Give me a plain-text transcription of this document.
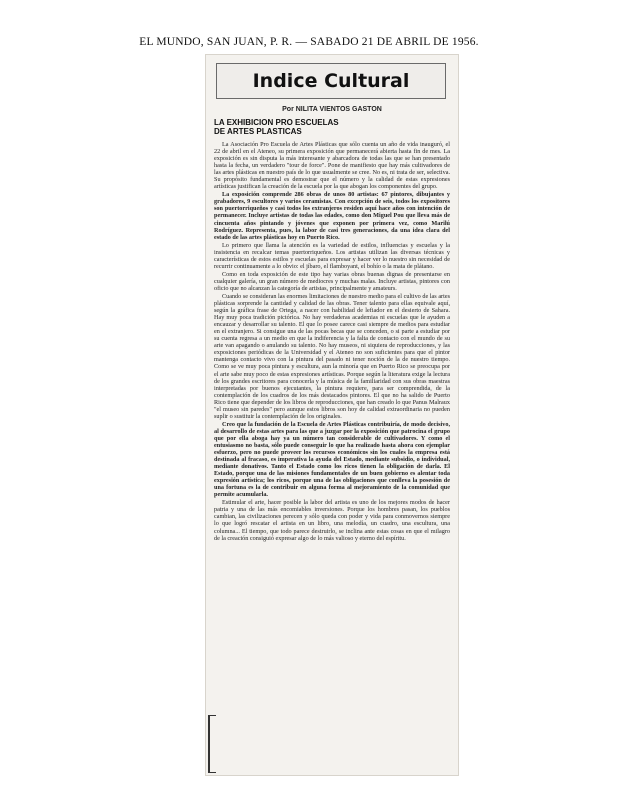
EL MUNDO, SAN JUAN, P. R. — SABADO 21 DE ABRIL DE 1956.
Indice Cultural
Por NILITA VIENTOS GASTON
LA EXHIBICION PRO ESCUELAS
DE ARTES PLASTICAS

La Asociación Pro Escuela de Artes Plásticas que sólo cuenta un año de vida inauguró, el 22 de abril en el Ateneo, su primera exposición que permanecerá abierta hasta fin de mes. La exposición es sin disputa la más interesante y abarcadora de todas las que se han presentado hasta la fecha, un verdadero "tour de force". Pone de manifiesto que hay más cultivadores de las artes plásticas en nuestro país de lo que usualmente se cree. No es, ni trata de ser, selectiva. Su propósito fundamental es demostrar que el número y la calidad de estas expresiones artísticas justifican la creación de la escuela por la que abogan los componentes del grupo.

La exposición comprende 286 obras de unos 80 artistas: 67 pintores, dibujantes y grabadores, 9 escultores y varios ceramistas. Con excepción de seis, todos los expositores son puertorriqueños y casi todos los extranjeros residen aquí hace años con intención de permanecer. Incluye artistas de todas las edades, como don Miguel Pou que lleva más de cincuenta años pintando y jóvenes que exponen por primera vez, como Marilú Rodríguez. Representa, pues, la labor de casi tres generaciones, da una idea clara del estado de las artes plásticas hoy en Puerto Rico.

Lo primero que llama la atención es la variedad de estilos, influencias y escuelas y la insistencia en recalcar temas puertorriqueños. Los artistas utilizan las diversas técnicas y características de estos estilos y escuelas para expresar y hacer ver lo nuestro sin necesidad de recurrir continuamente a lo obvio: el jíbaro, el flamboyant, el bohío o la mata de plátano.

Como en toda exposición de este tipo hay varias obras buenas dignas de presentarse en cualquier galería, un gran número de mediocres y muchas malas. Incluye artistas, pintores con oficio que no alcanzan la categoría de artistas, principalmente y amateurs.

Cuando se consideran las enormes limitaciones de nuestro medio para el cultivo de las artes plásticas sorprende la cantidad y calidad de las obras. Tener talento para ellas equivale aquí, según la gráfica frase de Ortega, a nacer con habilidad de lefiador en el desierto de Sahara. Hay muy poca tradición pictórica. No hay verdaderas academias ni escuelas que le ayuden a encauzar y desarrollar su talento. El que lo posee carece casi siempre de medios para estudiar en el extranjero. Si consigue una de las pocas becas que se conceden, o si parte a estudiar por su cuenta regresa a un medio en que la indiferencia y la falta de contacto con el mundo de su arte van apagando o anulando su talento. No hay museos, ni siquiera de reproducciones, y las exposiciones periódicas de la Universidad y el Ateneo no son suficientes para que el pintor mantenga contacto vivo con la pintura del pasado ni tener noción de la de nuestro tiempo. Como se ve muy poca pintura y escultura, aun la minoría que en Puerto Rico se preocupa por el arte sabe muy poco de estas expresiones artísticas. Porque según la literatura exige la lectura de los grandes escritores para conocerla y la música de la familiaridad con sus obras maestras interpretadas por buenos ejecutantes, la pintura requiere, para ser comprendida, de la contemplación de los cuadros de los más destacados pintores. El que no ha salido de Puerto Rico tiene que depender de los libros de reproducciones, que han creado lo que Panus Malraux "el museo sin paredes" pero aunque estos libros son hoy de calidad extraordinaria no pueden suplir o sustituir la contemplación de los originales.

Creo que la fundación de la Escuela de Artes Plásticas contribuiría, de modo decisivo, al desarrollo de estas artes para las que a juzgar por la exposición que patrocina el grupo que por ella aboga hay ya un número tan considerable de cultivadores. Y como el entusiasmo no basta, sólo puede conseguir lo que ha realizado hasta ahora con ejemplar esfuerzo, pero no puede proveer los recursos económicos sin los cuales la empresa está destinada al fracaso, es imperativa la ayuda del Estado, mediante subsidio, o individual, mediante donativos. Tanto el Estado como los ricos tienen la obligación de darla. El Estado, porque una de las misiones fundamentales de un buen gobierno es alentar toda expresión artística; los ricos, porque una de las obligaciones que conlleva la posesión de una fortuna es la de contribuir en alguna forma al mejoramiento de la comunidad que permite acumularla.

Estimular el arte, hacer posible la labor del artista es uno de los mejores modos de hacer patria y una de las más encomiables inversiones. Porque los hombres pasan, los pueblos cambian, las civilizaciones perecen y sólo queda con poder y vida para conmovernos siempre lo que logró rescatar el artista en un libro, una melodía, un cuadro, una escultura, una columna... El tiempo, que todo parece destruirlo, se inclina ante estas cosas en que el milagro de la creación consiguió expresar algo de lo más valioso y eterno del espíritu.
